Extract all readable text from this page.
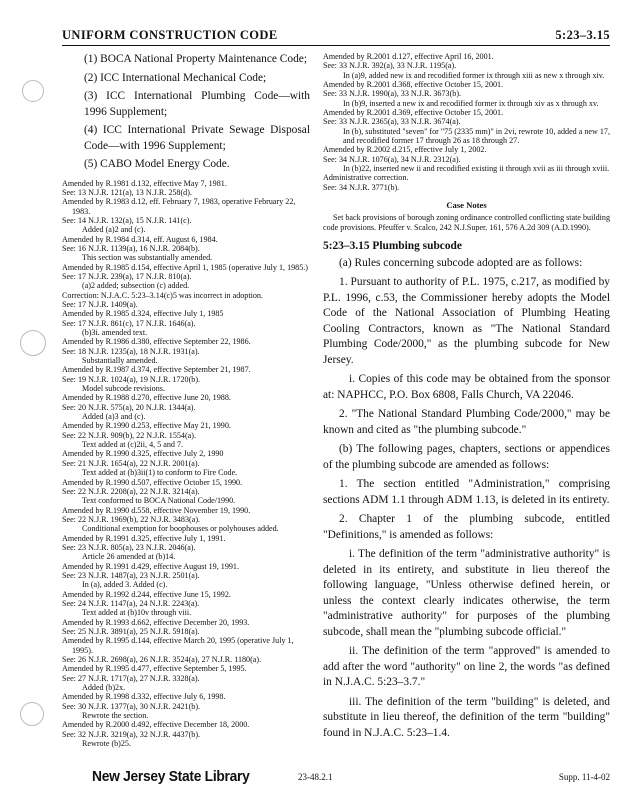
UNIFORM CONSTRUCTION CODE	5:23–3.15

(1) BOCA National Property Maintenance Code;

(2) ICC International Mechanical Code;

(3) ICC International Plumbing Code—with 1996 Supplement;

(4) ICC International Private Sewage Disposal Code—with 1996 Supplement;

(5) CABO Model Energy Code.

Amended by R.1981 d.132, effective May 7, 1981.
See: 13 N.J.R. 121(a), 13 N.J.R. 258(d).
Amended by R.1983 d.12, eff. February 7, 1983, operative February 22, 1983.
See: 14 N.J.R. 132(a), 15 N.J.R. 141(c).
Added (a)2 and (c).
Amended by R.1984 d.314, eff. August 6, 1984.
See: 16 N.J.R. 1139(a), 16 N.J.R. 2084(b).
This section was substantially amended.
Amended by R.1985 d.154, effective April 1, 1985 (operative July 1, 1985.)
See: 17 N.J.R. 239(a), 17 N.J.R. 810(a).
(a)2 added; subsection (c) added.
Correction: N.J.A.C. 5:23–3.14(c)5 was incorrect in adoption.
See: 17 N.J.R. 1409(a).
Amended by R.1985 d.324, effective July 1, 1985
See: 17 N.J.R. 861(c), 17 N.J.R. 1646(a).
(b)3i. amended text.
Amended by R.1986 d.380, effective September 22, 1986.
See: 18 N.J.R. 1235(a), 18 N.J.R. 1931(a).
Substantially amended.
Amended by R.1987 d.374, effective September 21, 1987.
See: 19 N.J.R. 1024(a), 19 N.J.R. 1720(b).
Model subcode revisions.
Amended by R.1988 d.270, effective June 20, 1988.
See: 20 N.J.R. 575(a), 20 N.J.R. 1344(a).
Added (a)3 and (c).
Amended by R.1990 d.253, effective May 21, 1990.
See: 22 N.J.R. 909(b), 22 N.J.R. 1554(a).
Text added at (c)2ii, 4, 5 and 7.
Amended by R.1990 d.325, effective July 2, 1990
See: 21 N.J.R. 1654(a), 22 N.J.R. 2001(a).
Text added at (b)3ii(1) to conform to Fire Code.
Amended by R.1990 d.507, effective October 15, 1990.
See: 22 N.J.R. 2208(a), 22 N.J.R. 3214(a).
Text conformed to BOCA National Code/1990.
Amended by R.1990 d.558, effective November 19, 1990.
See: 22 N.J.R. 1969(b), 22 N.J.R. 3483(a).
Conditional exemption for boophouses or polyhouses added.
Amended by R.1991 d.325, effective July 1, 1991.
See: 23 N.J.R. 805(a), 23 N.J.R. 2046(a).
Article 26 amended at (b)14.
Amended by R.1991 d.429, effective August 19, 1991.
See: 23 N.J.R. 1487(a), 23 N.J.R. 2501(a).
In (a), added 3. Added (c).
Amended by R.1992 d.244, effective June 15, 1992.
See: 24 N.J.R. 1147(a), 24 N.J.R. 2243(a).
Text added at (b)10v through viii.
Amended by R.1993 d.662, effective December 20, 1993.
See: 25 N.J.R. 3891(a), 25 N.J.R. 5918(a).
Amended by R.1995 d.144, effective March 20, 1995 (operative July 1, 1995).
See: 26 N.J.R. 2698(a), 26 N.J.R. 3524(a), 27 N.J.R. 1180(a).
Amended by R.1995 d.477, effective September 5, 1995.
See: 27 N.J.R. 1717(a), 27 N.J.R. 3328(a).
Added (b)2x.
Amended by R.1998 d.332, effective July 6, 1998.
See: 30 N.J.R. 1377(a), 30 N.J.R. 2421(b).
Rewrote the section.
Amended by R.2000 d.492, effective December 18, 2000.
See: 32 N.J.R. 3219(a), 32 N.J.R. 4437(b).
Rewrote (b)25.
Amended by R.2001 d.127, effective April 16, 2001.
See: 33 N.J.R. 392(a), 33 N.J.R. 1195(a).
In (a)9, added new ix and recodified former ix through xiii as new x through xiv.
Amended by R.2001 d.368, effective October 15, 2001.
See: 33 N.J.R. 1990(a), 33 N.J.R. 3673(b).
In (b)9, inserted a new ix and recodified former ix through xiv as x through xv.
Amended by R.2001 d.369, effective October 15, 2001.
See: 33 N.J.R. 2365(a), 33 N.J.R. 3674(a).
In (b), substituted "seven" for "75 (2335 mm)" in 2vi, rewrote 10, added a new 17, and recodified former 17 through 26 as 18 through 27.
Amended by R.2002 d.215, effective July 1, 2002.
See: 34 N.J.R. 1076(a), 34 N.J.R. 2312(a).
In (b)22, inserted new ii and recodified existing ii through xvii as iii through xviii.
Administrative correction.
See: 34 N.J.R. 3771(b).
Case Notes
Set back provisions of borough zoning ordinance controlled conflicting state building code provisions. Pfeuffer v. Scalco, 242 N.J.Super. 161, 576 A.2d 309 (A.D.1990).
5:23–3.15 Plumbing subcode

(a) Rules concerning subcode adopted are as follows:

1. Pursuant to authority of P.L. 1975, c.217, as modified by P.L. 1996, c.53, the Commissioner hereby adopts the Model Code of the National Association of Plumbing Heating Cooling Contractors, known as "The National Standard Plumbing Code/2000," as the plumbing subcode for New Jersey.

i. Copies of this code may be obtained from the sponsor at: NAPHCC, P.O. Box 6808, Falls Church, VA 22046.

2. "The National Standard Plumbing Code/2000," may be known and cited as "the plumbing subcode."

(b) The following pages, chapters, sections or appendices of the plumbing subcode are amended as follows:

1. The section entitled "Administration," comprising sections ADM 1.1 through ADM 1.13, is deleted in its entirety.

2. Chapter 1 of the plumbing subcode, entitled "Definitions," is amended as follows:

i. The definition of the term "administrative authority" is deleted in its entirety, and substitute in lieu thereof the following language, "Unless otherwise defined herein, or unless the context clearly indicates otherwise, the term "administrative authority" for purposes of the plumbing subcode, shall mean the "plumbing subcode official."

ii. The definition of the term "approved" is amended to add after the word "authority" on line 2, the words "as defined in N.J.A.C. 5:23–3.7."

iii. The definition of the term "building" is deleted, and substitute in lieu thereof, the definition of the term "building" found in N.J.A.C. 5:23–1.4.

New Jersey State Library	23-48.2.1	Supp. 11-4-02
